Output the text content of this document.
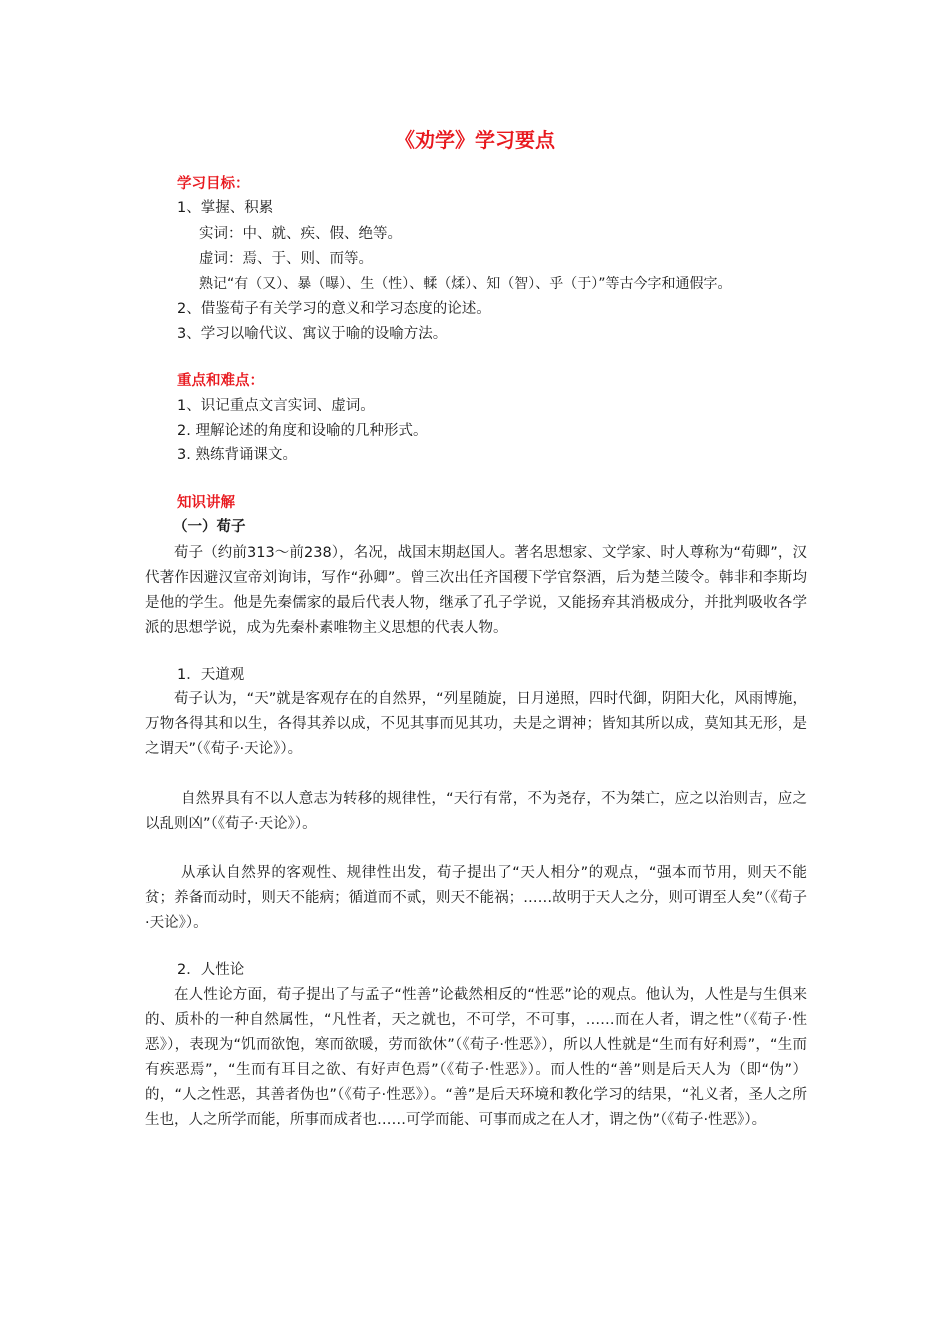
《劝学》学习要点
学习目标：
1、掌握、积累
实词：中、就、疾、假、绝等。
虚词：焉、于、则、而等。
熟记“有（又）、暴（曝）、生（性）、輮（煣）、知（智）、乎（于）”等古今字和通假字。
2、借鉴荀子有关学习的意义和学习态度的论述。
3、学习以喻代议、寓议于喻的设喻方法。
重点和难点：
1、识记重点文言实词、虚词。
2. 理解论述的角度和设喻的几种形式。
3. 熟练背诵课文。
知识讲解
（一）荀子
荀子（约前313～前238），名况，战国末期赵国人。著名思想家、文学家、时人尊称为“荀卿”，汉代著作因避汉宣帝刘询讳，写作“孙卿”。曾三次出任齐国稷下学官祭酒，后为楚兰陵令。韩非和李斯均是他的学生。他是先秦儒家的最后代表人物，继承了孔子学说，又能扬弃其消极成分，并批判吸收各学派的思想学说，成为先秦朴素唯物主义思想的代表人物。
1．天道观
荀子认为，“天”就是客观存在的自然界，“列星随旋，日月递照，四时代御，阴阳大化，风雨博施，万物各得其和以生，各得其养以成，不见其事而见其功，夫是之谓神；皆知其所以成，莫知其无形，是之谓天”（《荀子·天论》）。
自然界具有不以人意志为转移的规律性，“天行有常，不为尧存，不为桀亡，应之以治则吉，应之以乱则凶”（《荀子·天论》）。
从承认自然界的客观性、规律性出发，荀子提出了“天人相分”的观点，“强本而节用，则天不能贫；养备而动时，则天不能病；循道而不贰，则天不能祸；……故明于天人之分，则可谓至人矣”（《荀子·天论》）。
2．人性论
在人性论方面，荀子提出了与孟子“性善”论截然相反的“性恶”论的观点。他认为，人性是与生俱来的、质朴的一种自然属性，“凡性者，天之就也，不可学，不可事，……而在人者，谓之性”（《荀子·性恶》），表现为“饥而欲饱，寒而欲暖，劳而欲休”（《荀子·性恶》），所以人性就是“生而有好利焉”，“生而有疾恶焉”，“生而有耳目之欲、有好声色焉”（《荀子·性恶》）。而人性的“善”则是后天人为（即“伪”）的，“人之性恶，其善者伪也”（《荀子·性恶》）。“善”是后天环境和教化学习的结果，“礼义者，圣人之所生也，人之所学而能，所事而成者也……可学而能、可事而成之在人才，谓之伪”（《荀子·性恶》）。
